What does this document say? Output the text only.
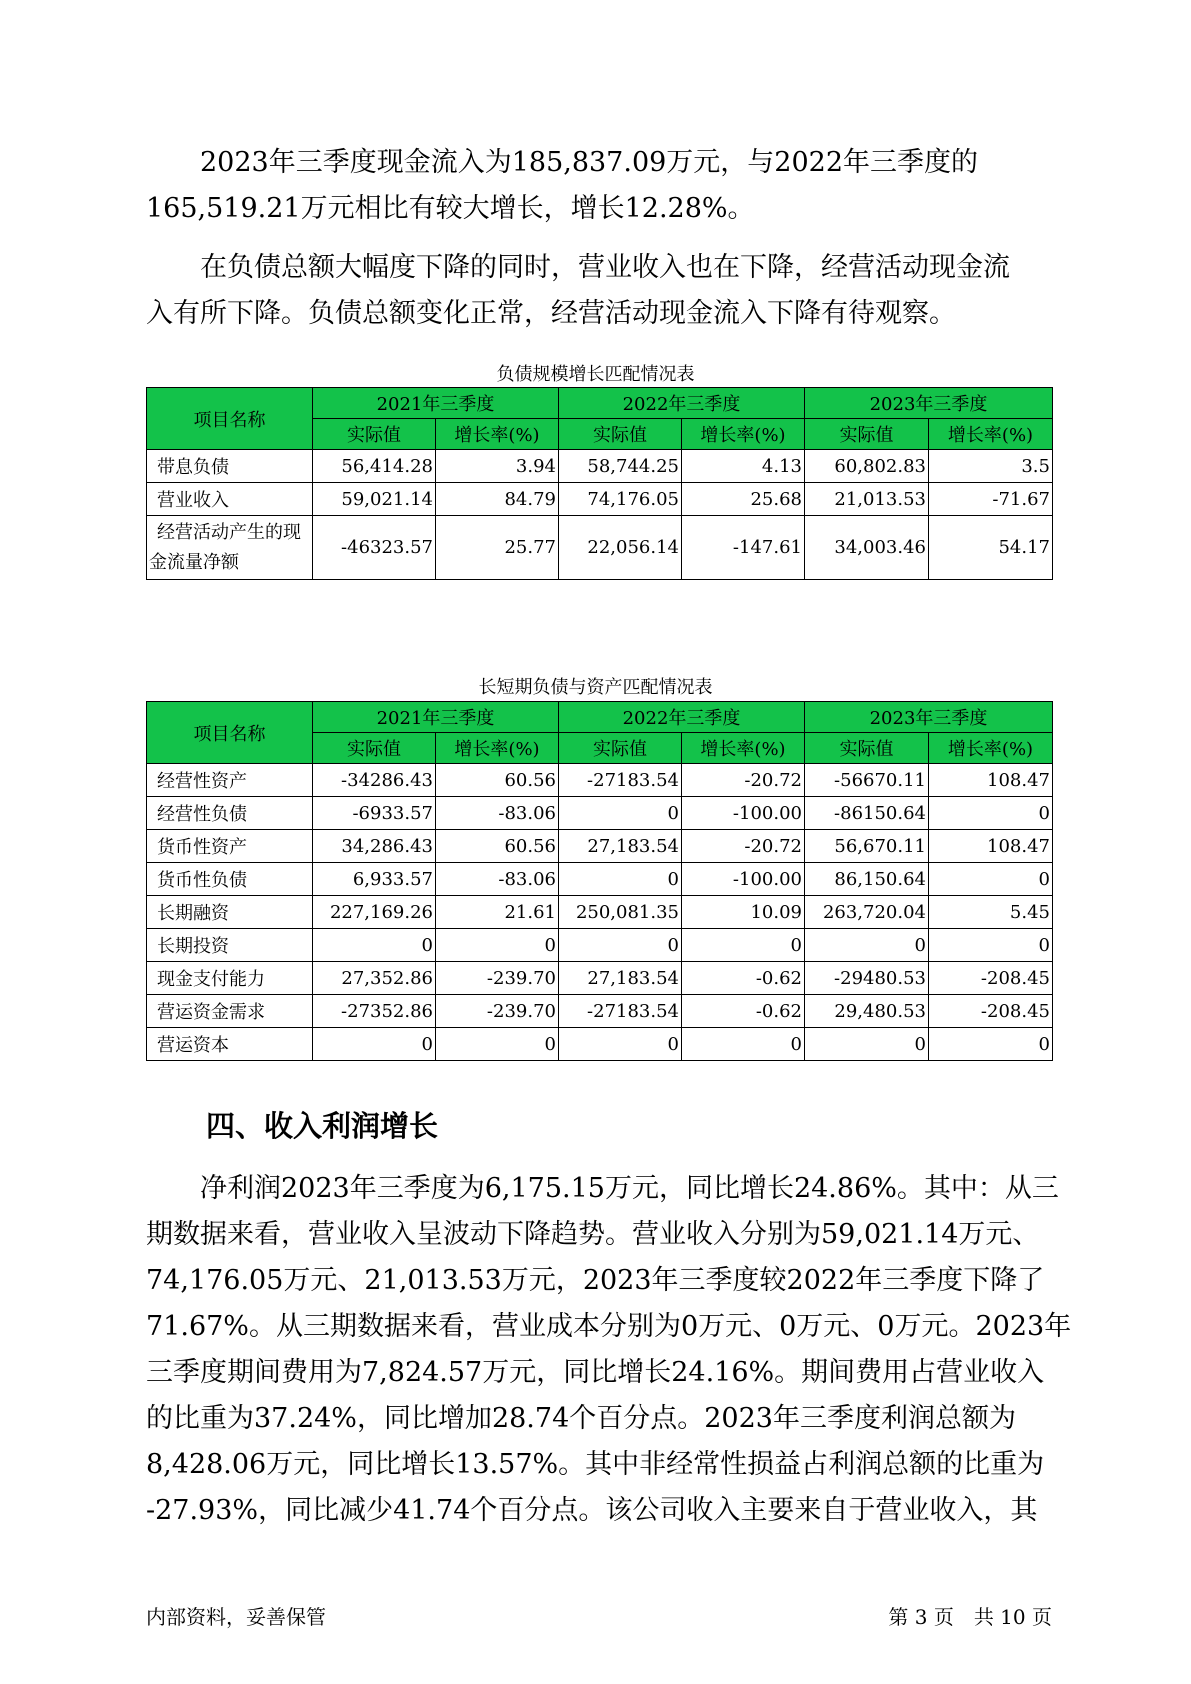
2023年三季度现金流入为185,837.09万元，与2022年三季度的
165,519.21万元相比有较大增长，增长12.28%。

在负债总额大幅度下降的同时，营业收入也在下降，经营活动现金流
入有所下降。负债总额变化正常，经营活动现金流入下降有待观察。

负债规模增长匹配情况表
项目名称	2021年三季度		2022年三季度		2023年三季度	
	实际值	增长率(%)	实际值	增长率(%)	实际值	增长率(%)
带息负债	56,414.28	3.94	58,744.25	4.13	60,802.83	3.5
营业收入	59,021.14	84.79	74,176.05	25.68	21,013.53	-71.67

经营活动产生的现
金流量净额	-46323.57	25.77	22,056.14	-147.61	34,003.46	54.17
长短期负债与资产匹配情况表
项目名称	2021年三季度		2022年三季度		2023年三季度	
	实际值	增长率(%)	实际值	增长率(%)	实际值	增长率(%)
经营性资产	-34286.43	60.56	-27183.54	-20.72	-56670.11	108.47
经营性负债	-6933.57	-83.06	0	-100.00	-86150.64	0
货币性资产	34,286.43	60.56	27,183.54	-20.72	56,670.11	108.47
货币性负债	6,933.57	-83.06	0	-100.00	86,150.64	0
长期融资	227,169.26	21.61	250,081.35	10.09	263,720.04	5.45
长期投资	0	0	0	0	0	0
现金支付能力	27,352.86	-239.70	27,183.54	-0.62	-29480.53	-208.45
营运资金需求	-27352.86	-239.70	-27183.54	-0.62	29,480.53	-208.45
营运资本	0	0	0	0	0	0
四、收入利润增长

净利润2023年三季度为6,175.15万元，同比增长24.86%。其中：从三
期数据来看，营业收入呈波动下降趋势。营业收入分别为59,021.14万元、
74,176.05万元、21,013.53万元，2023年三季度较2022年三季度下降了
71.67%。从三期数据来看，营业成本分别为0万元、0万元、0万元。2023年
三季度期间费用为7,824.57万元，同比增长24.16%。期间费用占营业收入
的比重为37.24%，同比增加28.74个百分点。2023年三季度利润总额为
8,428.06万元，同比增长13.57%。其中非经常性损益占利润总额的比重为
-27.93%，同比减少41.74个百分点。该公司收入主要来自于营业收入，其

内部资料，妥善保管	第 3 页　共 10 页
